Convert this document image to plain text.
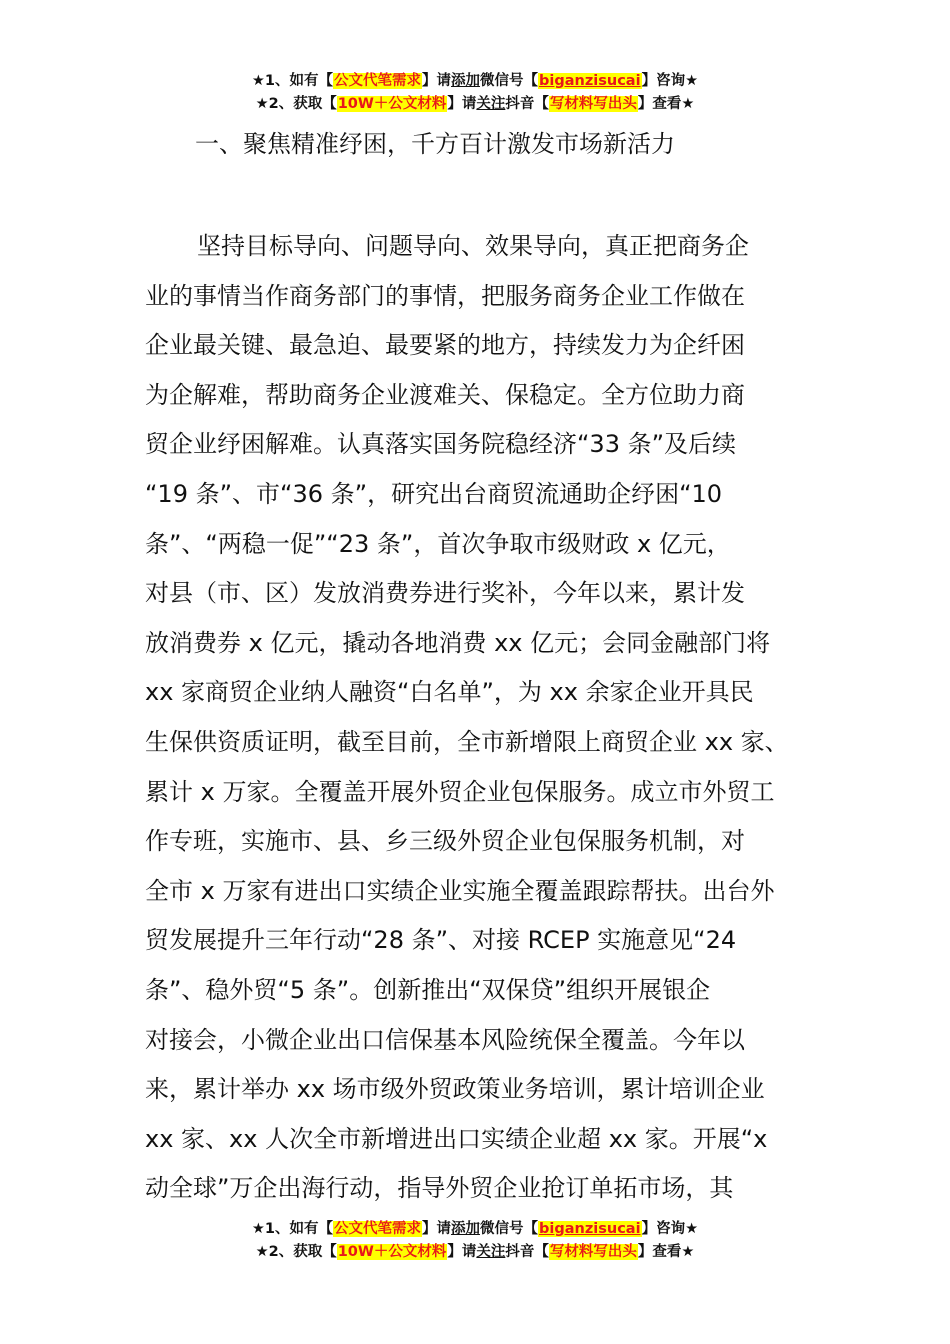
★1、如有【公文代笔需求】请添加微信号【biganzisucai】咨询★
★2、获取【10W＋公文材料】请关注抖音【写材料写出头】查看★
一、聚焦精准纾困，千方百计激发市场新活力
坚持目标导向、问题导向、效果导向，真正把商务企
业的事情当作商务部门的事情，把服务商务企业工作做在
企业最关键、最急迫、最要紧的地方，持续发力为企纤困
为企解难，帮助商务企业渡难关、保稳定。全方位助力商
贸企业纾困解难。认真落实国务院稳经济“33 条”及后续
“19 条”、市“36 条”，研究出台商贸流通助企纾困“10
条”、“两稳一促”“23 条”，首次争取市级财政 x 亿元，
对县（市、区）发放消费券进行奖补，今年以来，累计发
放消费券 x 亿元，撬动各地消费 xx 亿元；会同金融部门将
xx 家商贸企业纳人融资“白名单”，为 xx 余家企业开具民
生保供资质证明，截至目前，全市新增限上商贸企业 xx 家、
累计 x 万家。全覆盖开展外贸企业包保服务。成立市外贸工
作专班，实施市、县、乡三级外贸企业包保服务机制，对
全市 x 万家有进出口实绩企业实施全覆盖跟踪帮扶。出台外
贸发展提升三年行动“28 条”、对接 RCEP 实施意见“24
条”、稳外贸“5 条”。创新推出“双保贷”组织开展银企
对接会，小微企业出口信保基本风险统保全覆盖。今年以
来，累计举办 xx 场市级外贸政策业务培训，累计培训企业
xx 家、xx 人次全市新增进出口实绩企业超 xx 家。开展“x
动全球”万企出海行动，指导外贸企业抢订单拓市场，其
★1、如有【公文代笔需求】请添加微信号【biganzisucai】咨询★
★2、获取【10W＋公文材料】请关注抖音【写材料写出头】查看★
